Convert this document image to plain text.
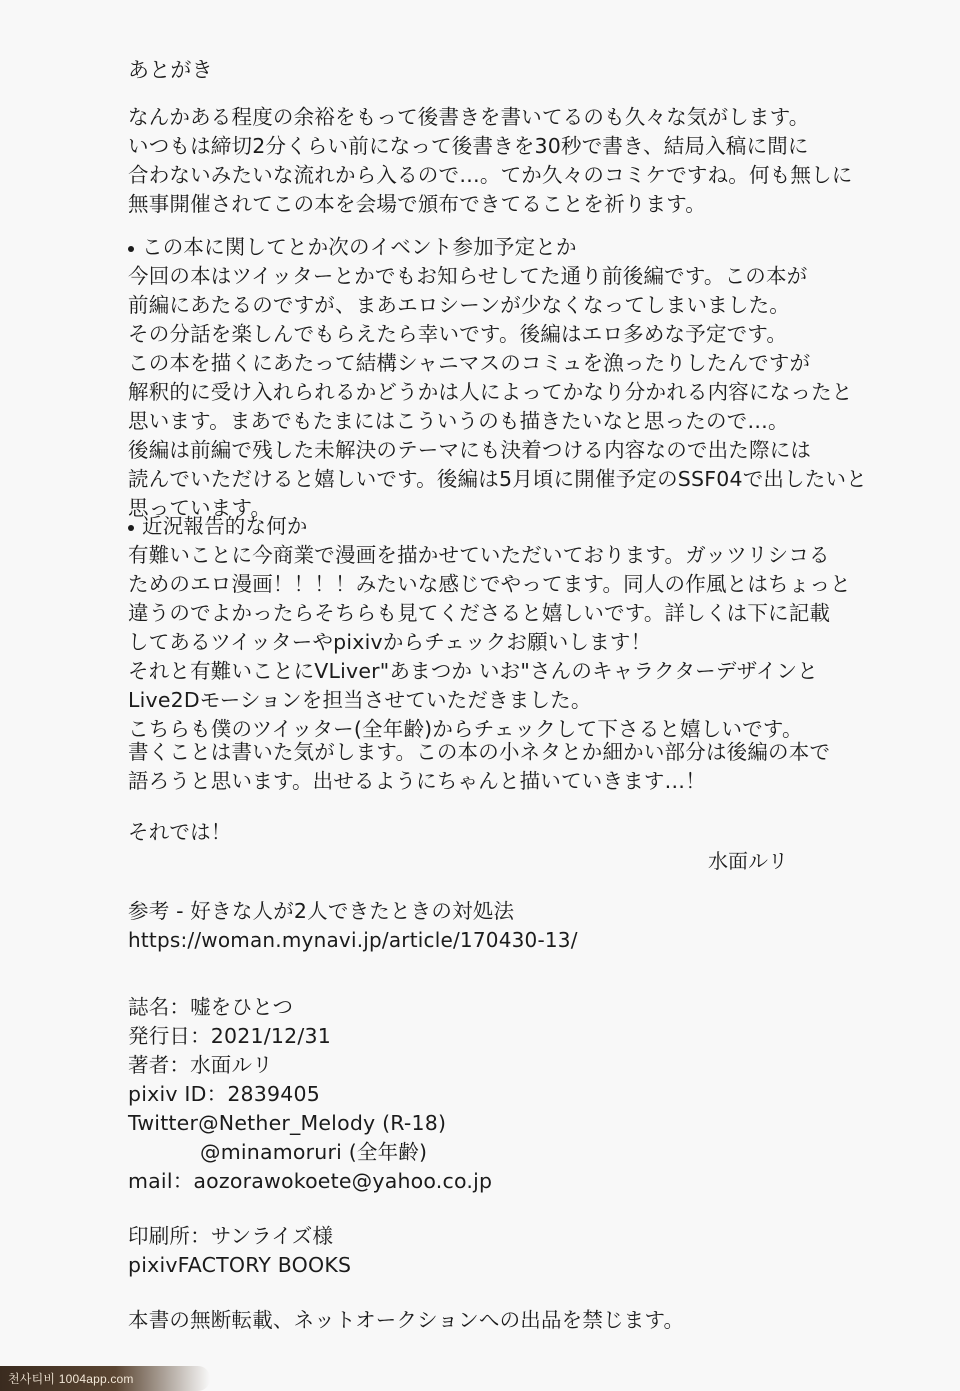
あとがき
なんかある程度の余裕をもって後書きを書いてるのも久々な気がします。
いつもは締切2分くらい前になって後書きを30秒で書き、結局入稿に間に
合わないみたいな流れから入るので…。てか久々のコミケですね。何も無しに
無事開催されてこの本を会場で頒布できてることを祈ります。
この本に関してとか次のイベント参加予定とか
今回の本はツイッターとかでもお知らせしてた通り前後編です。この本が
前編にあたるのですが、まあエロシーンが少なくなってしまいました。
その分話を楽しんでもらえたら幸いです。後編はエロ多めな予定です。
この本を描くにあたって結構シャニマスのコミュを漁ったりしたんですが
解釈的に受け入れられるかどうかは人によってかなり分かれる内容になったと
思います。まあでもたまにはこういうのも描きたいなと思ったので…。
後編は前編で残した未解決のテーマにも決着つける内容なので出た際には
読んでいただけると嬉しいです。後編は5月頃に開催予定のSSF04で出したいと
思っています。
近況報告的な何か
有難いことに今商業で漫画を描かせていただいております。ガッツリシコる
ためのエロ漫画！！！！みたいな感じでやってます。同人の作風とはちょっと
違うのでよかったらそちらも見てくださると嬉しいです。詳しくは下に記載
してあるツイッターやpixivからチェックお願いします！
それと有難いことにVLiver"あまつか いお"さんのキャラクターデザインと
Live2Dモーションを担当させていただきました。
こちらも僕のツイッター(全年齢)からチェックして下さると嬉しいです。
書くことは書いた気がします。この本の小ネタとか細かい部分は後編の本で
語ろうと思います。出せるようにちゃんと描いていきます…！
それでは！
水面ルリ
参考 - 好きな人が2人できたときの対処法
https://woman.mynavi.jp/article/170430-13/
誌名：嘘をひとつ
発行日：2021/12/31
著者：水面ルリ
pixiv ID：2839405
Twitter@Nether_Melody (R-18)
@minamoruri (全年齢)
mail：aozorawokoete@yahoo.co.jp
印刷所：サンライズ様
pixivFACTORY BOOKS
本書の無断転載、ネットオークションへの出品を禁じます。
천사티비 1004app.com
